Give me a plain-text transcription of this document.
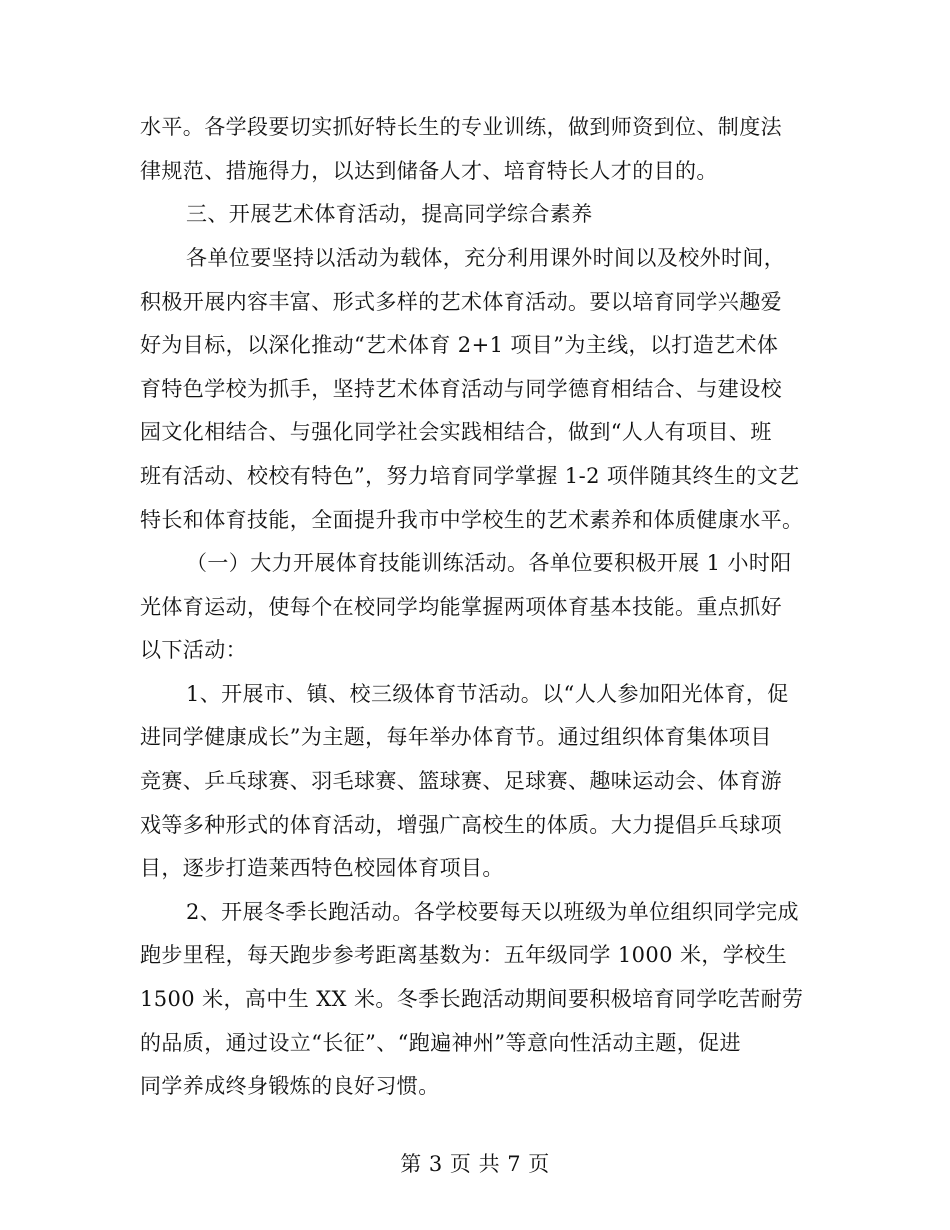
水平。各学段要切实抓好特长生的专业训练，做到师资到位、制度法
律规范、措施得力，以达到储备人才、培育特长人才的目的。
三、开展艺术体育活动，提高同学综合素养
各单位要坚持以活动为载体，充分利用课外时间以及校外时间，
积极开展内容丰富、形式多样的艺术体育活动。要以培育同学兴趣爱
好为目标，以深化推动“艺术体育 2+1 项目”为主线，以打造艺术体
育特色学校为抓手，坚持艺术体育活动与同学德育相结合、与建设校
园文化相结合、与强化同学社会实践相结合，做到“人人有项目、班
班有活动、校校有特色”，努力培育同学掌握 1-2 项伴随其终生的文艺
特长和体育技能，全面提升我市中学校生的艺术素养和体质健康水平。
（一）大力开展体育技能训练活动。各单位要积极开展 1 小时阳
光体育运动，使每个在校同学均能掌握两项体育基本技能。重点抓好
以下活动：
1、开展市、镇、校三级体育节活动。以“人人参加阳光体育，促
进同学健康成长”为主题，每年举办体育节。通过组织体育集体项目
竞赛、乒乓球赛、羽毛球赛、篮球赛、足球赛、趣味运动会、体育游
戏等多种形式的体育活动，增强广高校生的体质。大力提倡乒乓球项
目，逐步打造莱西特色校园体育项目。
2、开展冬季长跑活动。各学校要每天以班级为单位组织同学完成
跑步里程，每天跑步参考距离基数为：五年级同学 1000 米，学校生
1500 米，高中生 XX 米。冬季长跑活动期间要积极培育同学吃苦耐劳
的品质，通过设立“长征”、“跑遍神州”等意向性活动主题，促进
同学养成终身锻炼的良好习惯。
第 3 页 共 7 页
